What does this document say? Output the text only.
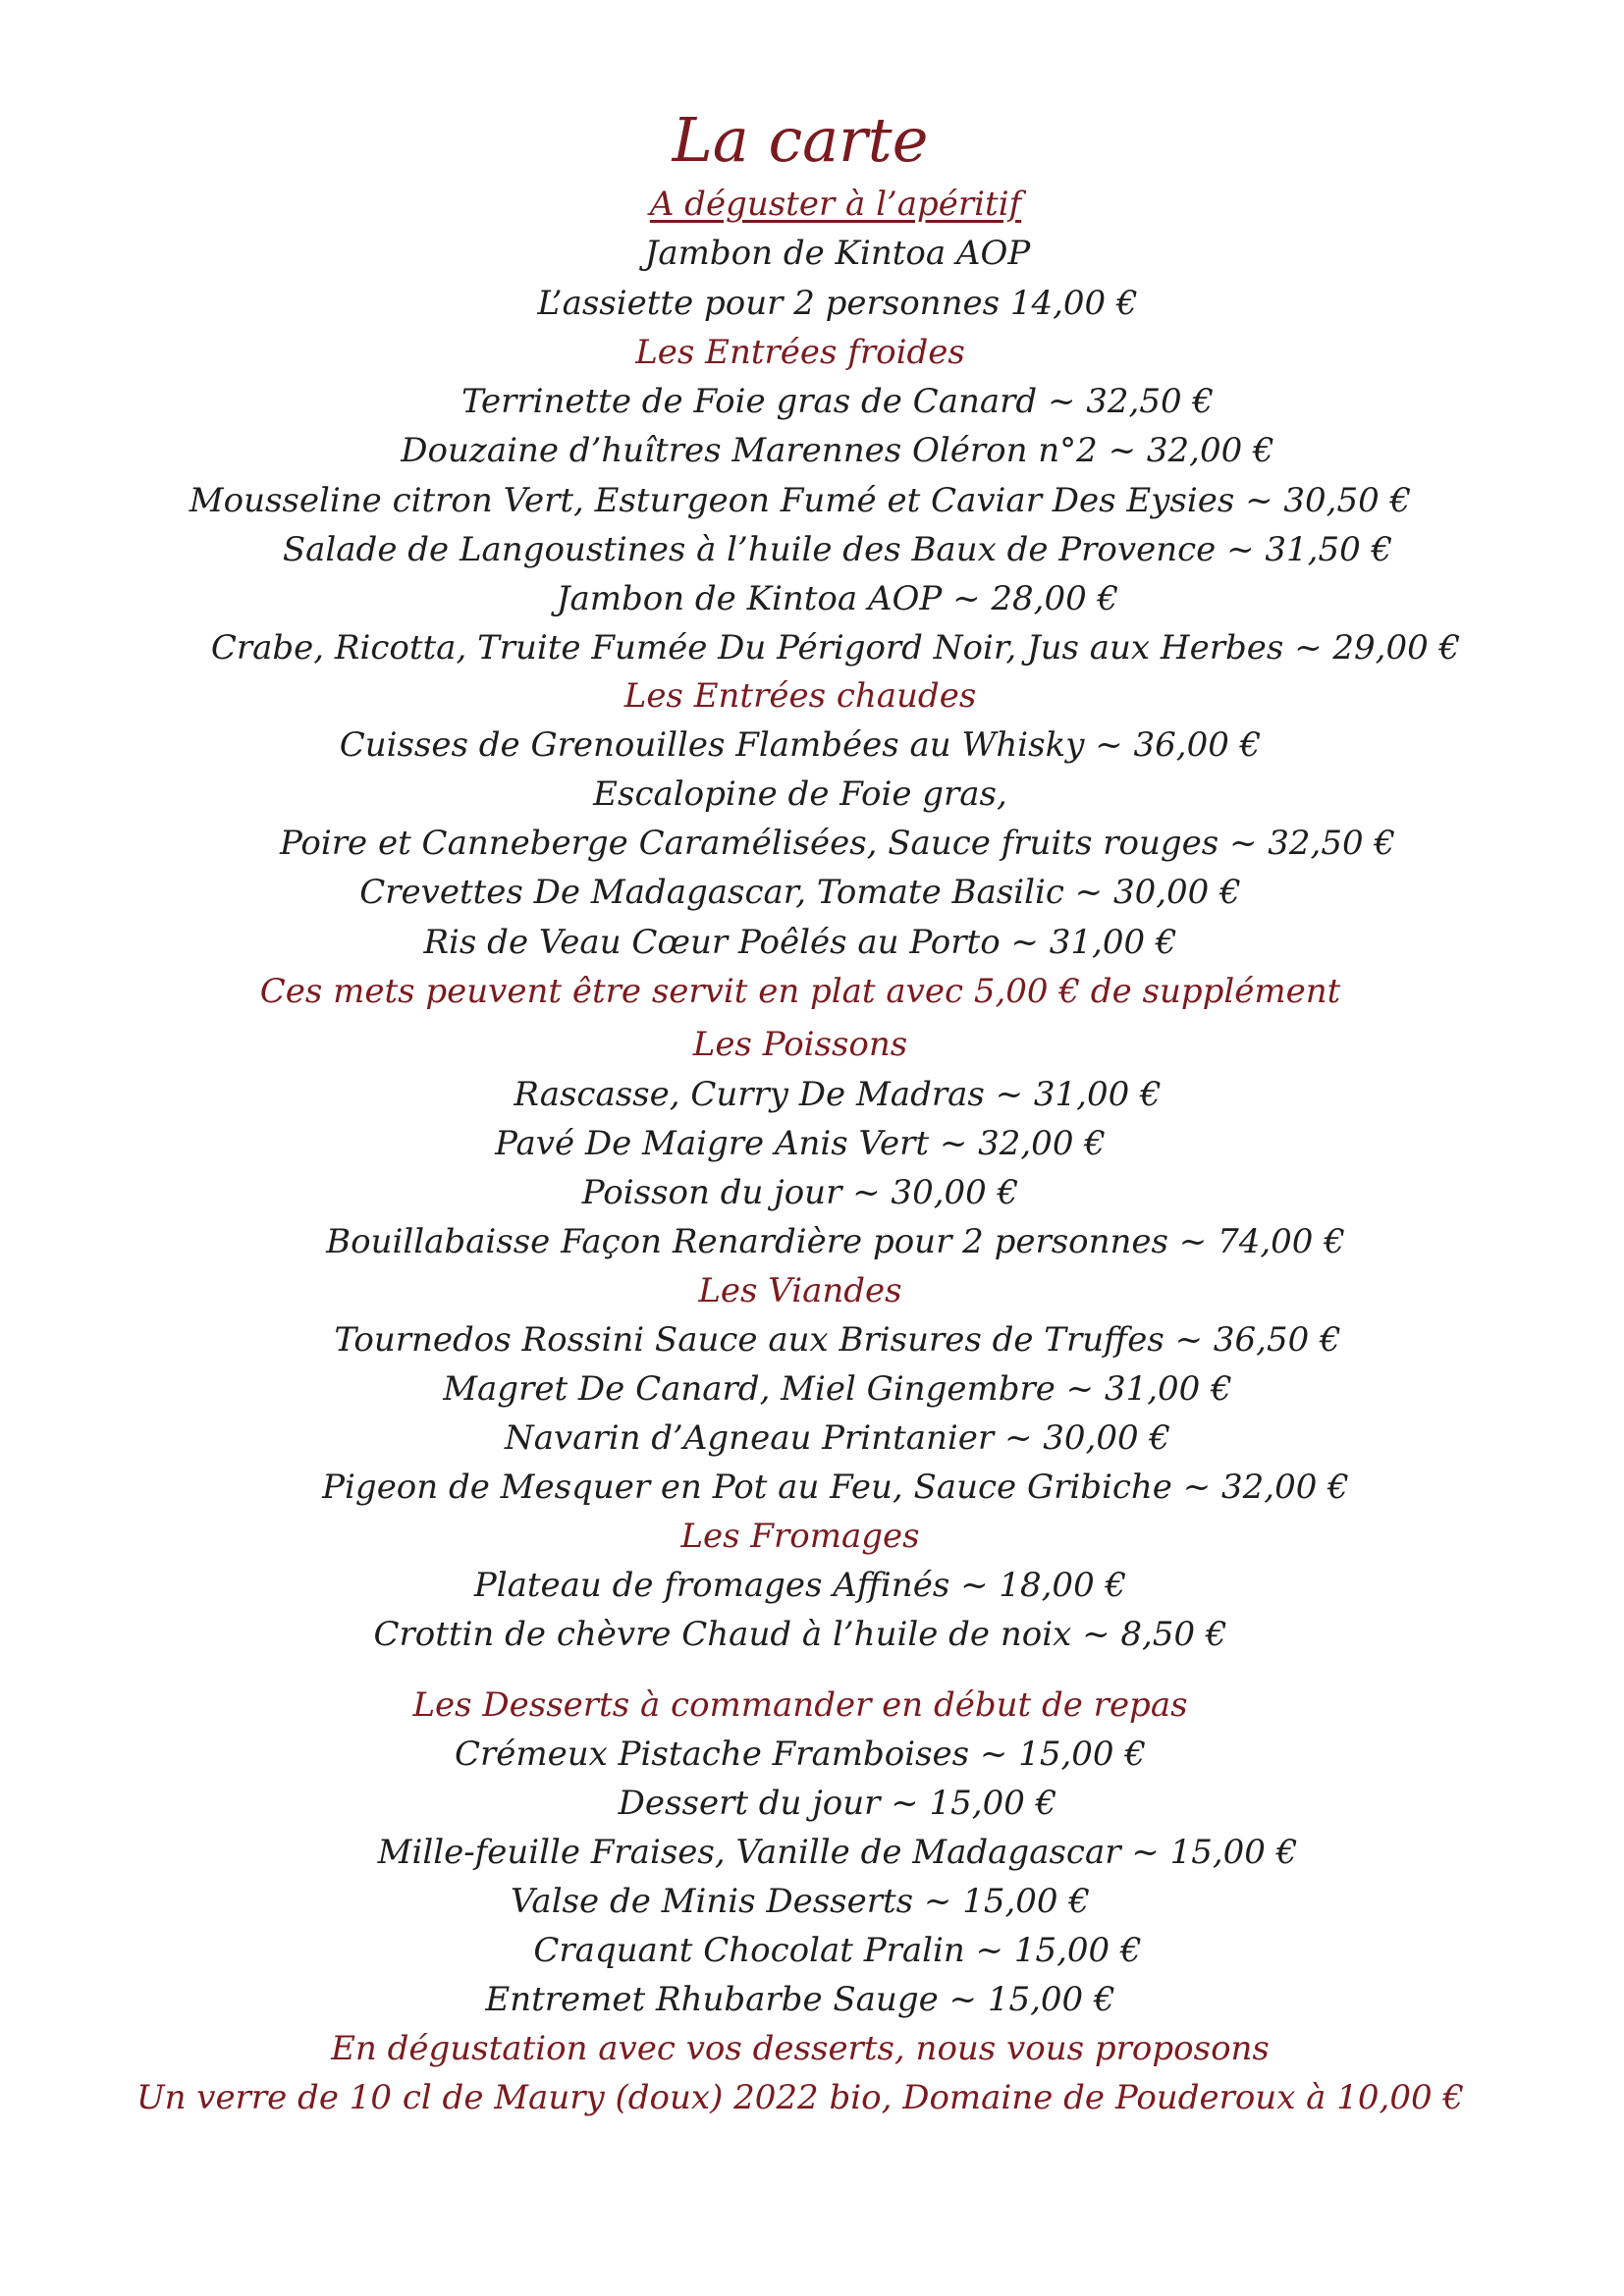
La carte
A déguster à l’apéritif
Jambon de Kintoa AOP
L’assiette pour 2 personnes 14,00 €
Les Entrées froides
Terrinette de Foie gras de Canard ~ 32,50 €
Douzaine d’huîtres Marennes Oléron n°2 ~ 32,00 €
Mousseline citron Vert, Esturgeon Fumé et Caviar Des Eysies ~ 30,50 €
Salade de Langoustines à l’huile des Baux de Provence ~ 31,50 €
Jambon de Kintoa AOP ~ 28,00 €
Crabe, Ricotta, Truite Fumée Du Périgord Noir, Jus aux Herbes ~ 29,00 €
Les Entrées chaudes
Cuisses de Grenouilles Flambées au Whisky ~ 36,00 €
Escalopine de Foie gras,
Poire et Canneberge Caramélisées, Sauce fruits rouges ~ 32,50 €
Crevettes De Madagascar, Tomate Basilic ~ 30,00 €
Ris de Veau Cœur Poêlés au Porto ~ 31,00 €
Ces mets peuvent être servit en plat avec 5,00 € de supplément
Les Poissons
Rascasse, Curry De Madras ~ 31,00 €
Pavé De Maigre Anis Vert ~ 32,00 €
Poisson du jour ~ 30,00 €
Bouillabaisse Façon Renardière pour 2 personnes ~ 74,00 €
Les Viandes
Tournedos Rossini Sauce aux Brisures de Truffes ~ 36,50 €
Magret De Canard, Miel Gingembre ~ 31,00 €
Navarin d’Agneau Printanier ~ 30,00 €
Pigeon de Mesquer en Pot au Feu, Sauce Gribiche ~ 32,00 €
Les Fromages
Plateau de fromages Affinés ~ 18,00 €
Crottin de chèvre Chaud à l’huile de noix ~ 8,50 €
Les Desserts à commander en début de repas
Crémeux Pistache Framboises ~ 15,00 €
Dessert du jour ~ 15,00 €
Mille-feuille Fraises, Vanille de Madagascar ~ 15,00 €
Valse de Minis Desserts ~ 15,00 €
Craquant Chocolat Pralin ~ 15,00 €
Entremet Rhubarbe Sauge ~ 15,00 €
En dégustation avec vos desserts, nous vous proposons
Un verre de 10 cl de Maury (doux) 2022 bio, Domaine de Pouderoux à 10,00 €
